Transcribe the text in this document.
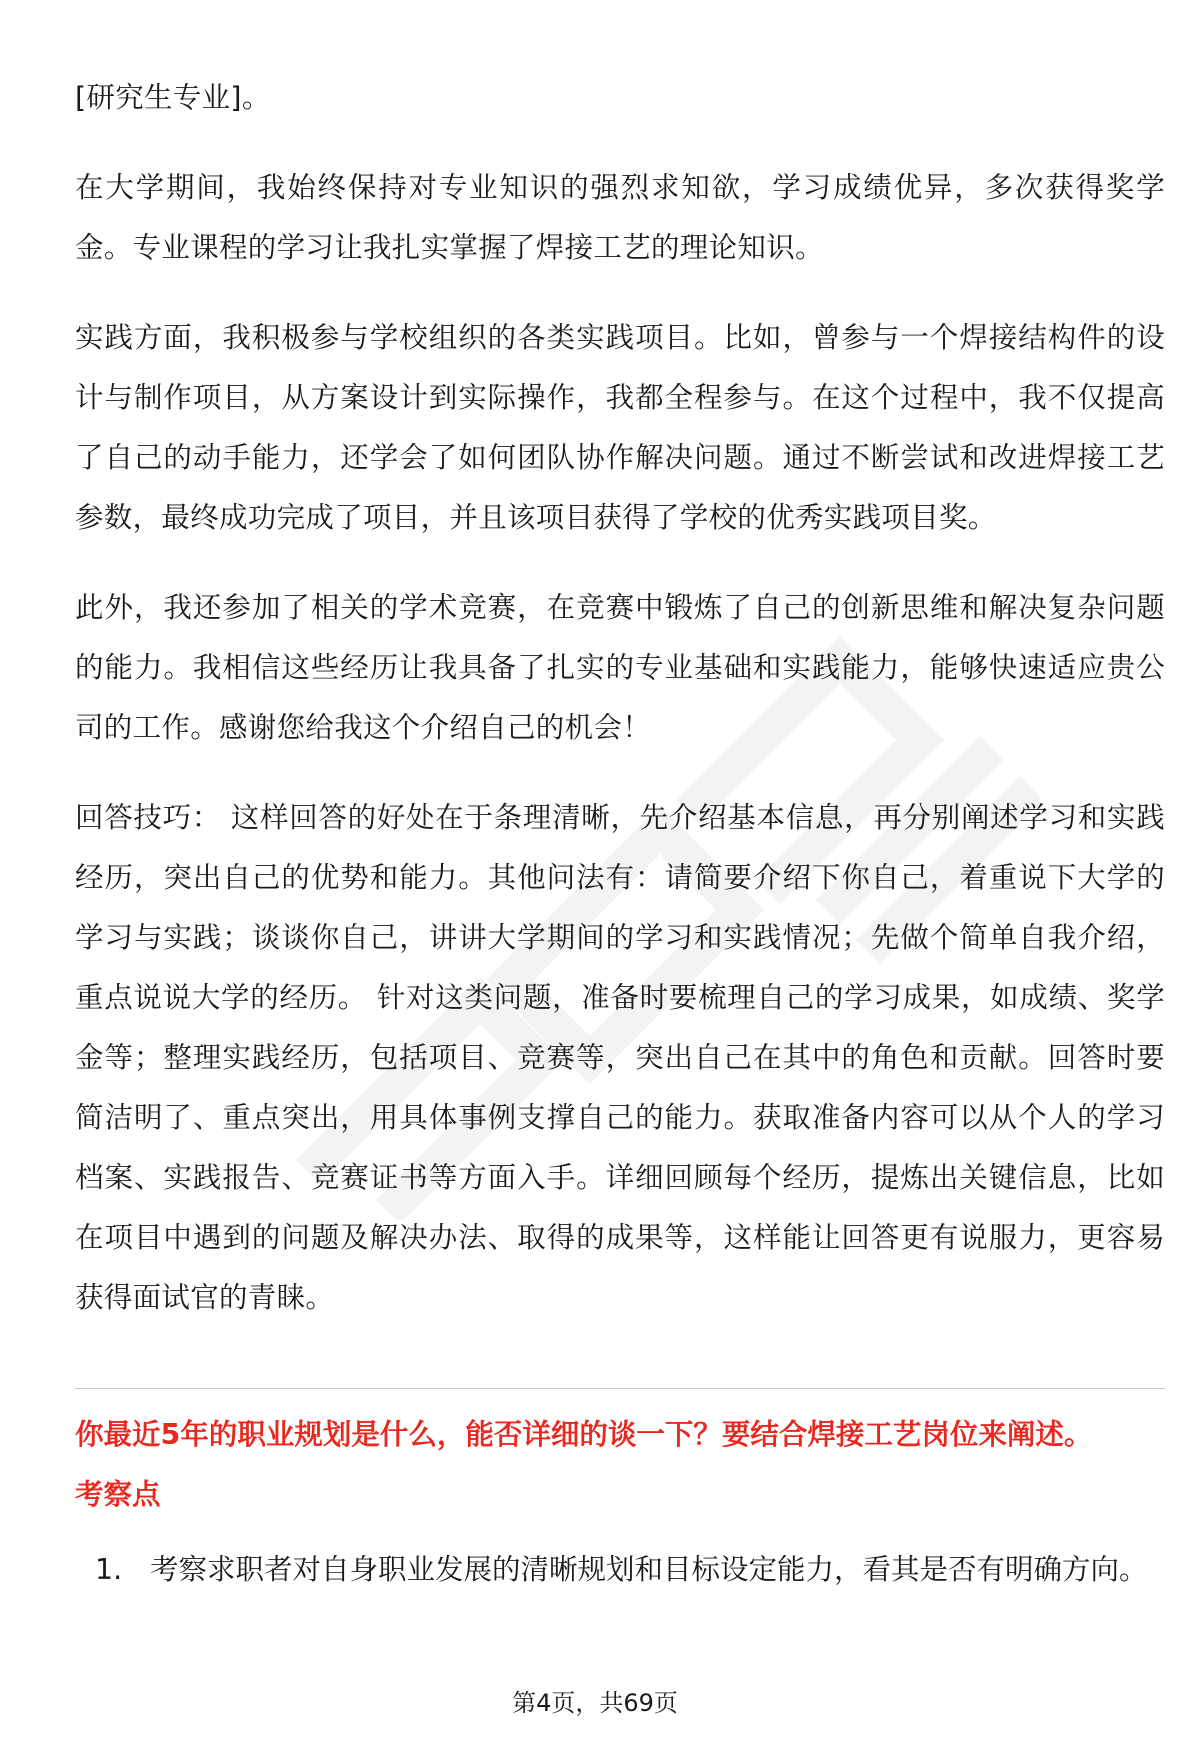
[研究生专业]。

在大学期间，我始终保持对专业知识的强烈求知欲，学习成绩优异，多次获得奖学金。专业课程的学习让我扎实掌握了焊接工艺的理论知识。

实践方面，我积极参与学校组织的各类实践项目。比如，曾参与一个焊接结构件的设计与制作项目，从方案设计到实际操作，我都全程参与。在这个过程中，我不仅提高了自己的动手能力，还学会了如何团队协作解决问题。通过不断尝试和改进焊接工艺参数，最终成功完成了项目，并且该项目获得了学校的优秀实践项目奖。

此外，我还参加了相关的学术竞赛，在竞赛中锻炼了自己的创新思维和解决复杂问题的能力。我相信这些经历让我具备了扎实的专业基础和实践能力，能够快速适应贵公司的工作。感谢您给我这个介绍自己的机会！

回答技巧： 这样回答的好处在于条理清晰，先介绍基本信息，再分别阐述学习和实践经历，突出自己的优势和能力。其他问法有：请简要介绍下你自己，着重说下大学的学习与实践；谈谈你自己，讲讲大学期间的学习和实践情况；先做个简单自我介绍，重点说说大学的经历。 针对这类问题，准备时要梳理自己的学习成果，如成绩、奖学金等；整理实践经历，包括项目、竞赛等，突出自己在其中的角色和贡献。回答时要简洁明了、重点突出，用具体事例支撑自己的能力。获取准备内容可以从个人的学习档案、实践报告、竞赛证书等方面入手。详细回顾每个经历，提炼出关键信息，比如在项目中遇到的问题及解决办法、取得的成果等，这样能让回答更有说服力，更容易获得面试官的青睐。

你最近5年的职业规划是什么，能否详细的谈一下？要结合焊接工艺岗位来阐述。
考察点
1. 考察求职者对自身职业发展的清晰规划和目标设定能力，看其是否有明确方向。
第4页，共69页
